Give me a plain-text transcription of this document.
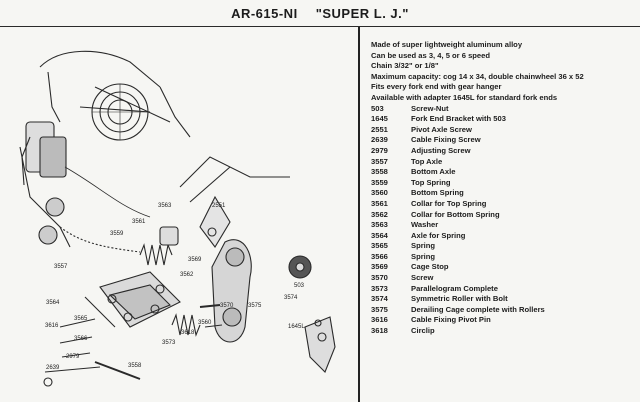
AR-615-NI "SUPER L. J."
3563	2551
3561
3559
3557
3569
3562
3574
3564
3565
3566
3616
2979
2639	3558
3573
3618
3560
3570 3575
503
1645L
Made of super lightweight aluminum alloy
Can be used as 3, 4, 5 or 6 speed
Chain 3/32" or 1/8"
Maximum capacity: cog 14 x 34, double chainwheel 36 x 52
Fits every fork end with gear hanger
Available with adapter 1645L for standard fork ends
503	Screw-Nut
1645	Fork End Bracket with 503
2551	Pivot Axle Screw
2639	Cable Fixing Screw
2979	Adjusting Screw
3557	Top Axle
3558	Bottom Axle
3559	Top Spring
3560	Bottom Spring
3561	Collar for Top Spring
3562	Collar for Bottom Spring
3563	Washer
3564	Axle for Spring
3565	Spring
3566	Spring
3569	Cage Stop
3570	Screw
3573	Parallelogram Complete
3574	Symmetric Roller with Bolt
3575	Derailing Cage complete with Rollers
3616	Cable Fixing Pivot Pin
3618	Circlip
